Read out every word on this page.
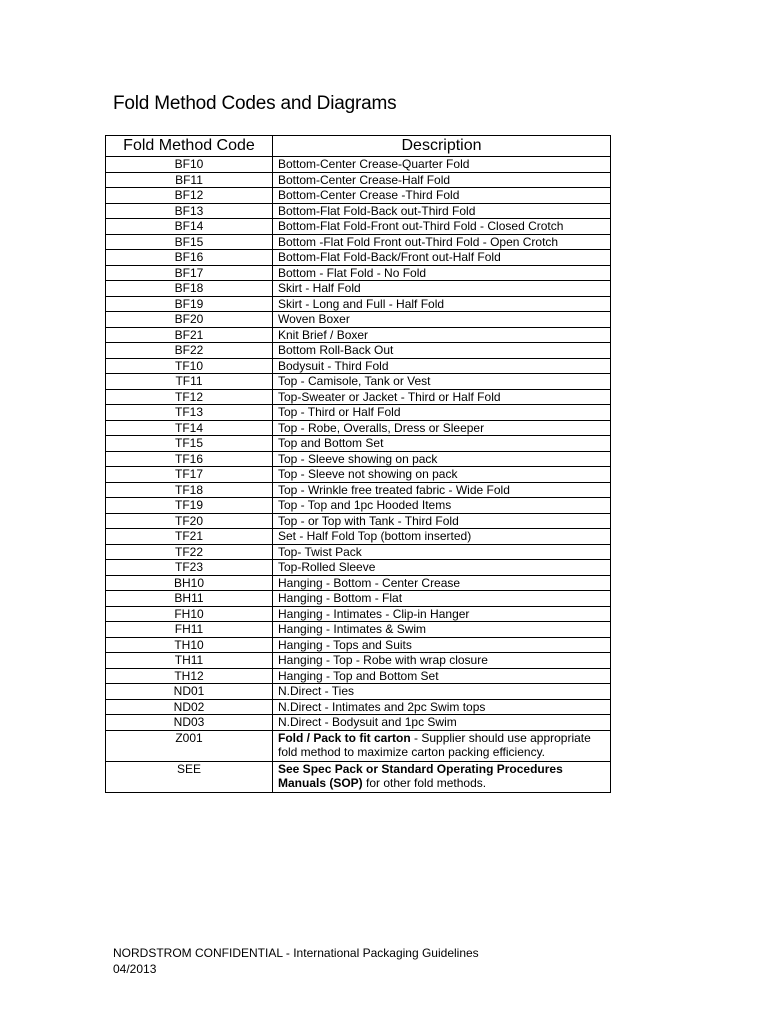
Fold Method Codes and Diagrams
Fold Method Code	Description
BF10	Bottom-Center Crease-Quarter Fold
BF11	Bottom-Center Crease-Half Fold
BF12	Bottom-Center Crease -Third Fold
BF13	Bottom-Flat Fold-Back out-Third Fold
BF14	Bottom-Flat Fold-Front out-Third Fold - Closed Crotch
BF15	Bottom -Flat Fold Front out-Third Fold - Open Crotch
BF16	Bottom-Flat Fold-Back/Front out-Half Fold
BF17	Bottom - Flat Fold - No Fold
BF18	Skirt - Half Fold
BF19	Skirt - Long and Full - Half Fold
BF20	Woven Boxer
BF21	Knit Brief / Boxer
BF22	Bottom Roll-Back Out
TF10	Bodysuit - Third Fold
TF11	Top - Camisole, Tank or Vest
TF12	Top-Sweater or Jacket - Third or Half Fold
TF13	Top - Third or Half Fold
TF14	Top - Robe, Overalls, Dress or Sleeper
TF15	Top and Bottom Set
TF16	Top - Sleeve showing on pack
TF17	Top - Sleeve not showing on pack
TF18	Top - Wrinkle free treated fabric - Wide Fold
TF19	Top - Top and 1pc Hooded Items
TF20	Top - or Top with Tank - Third Fold
TF21	Set - Half Fold Top (bottom inserted)
TF22	Top- Twist Pack
TF23	Top-Rolled Sleeve
BH10	Hanging - Bottom - Center Crease
BH11	Hanging - Bottom - Flat
FH10	Hanging - Intimates - Clip-in Hanger
FH11	Hanging - Intimates & Swim
TH10	Hanging - Tops and Suits
TH11	Hanging - Top - Robe with wrap closure
TH12	Hanging - Top and Bottom Set
ND01	N.Direct - Ties
ND02	N.Direct - Intimates and 2pc Swim tops
ND03	N.Direct - Bodysuit and 1pc Swim
Z001	Fold / Pack to fit carton - Supplier should use appropriate fold method to maximize carton packing efficiency.
SEE	See Spec Pack or Standard Operating Procedures Manuals (SOP) for other fold methods.
NORDSTROM CONFIDENTIAL - International Packaging Guidelines
04/2013
